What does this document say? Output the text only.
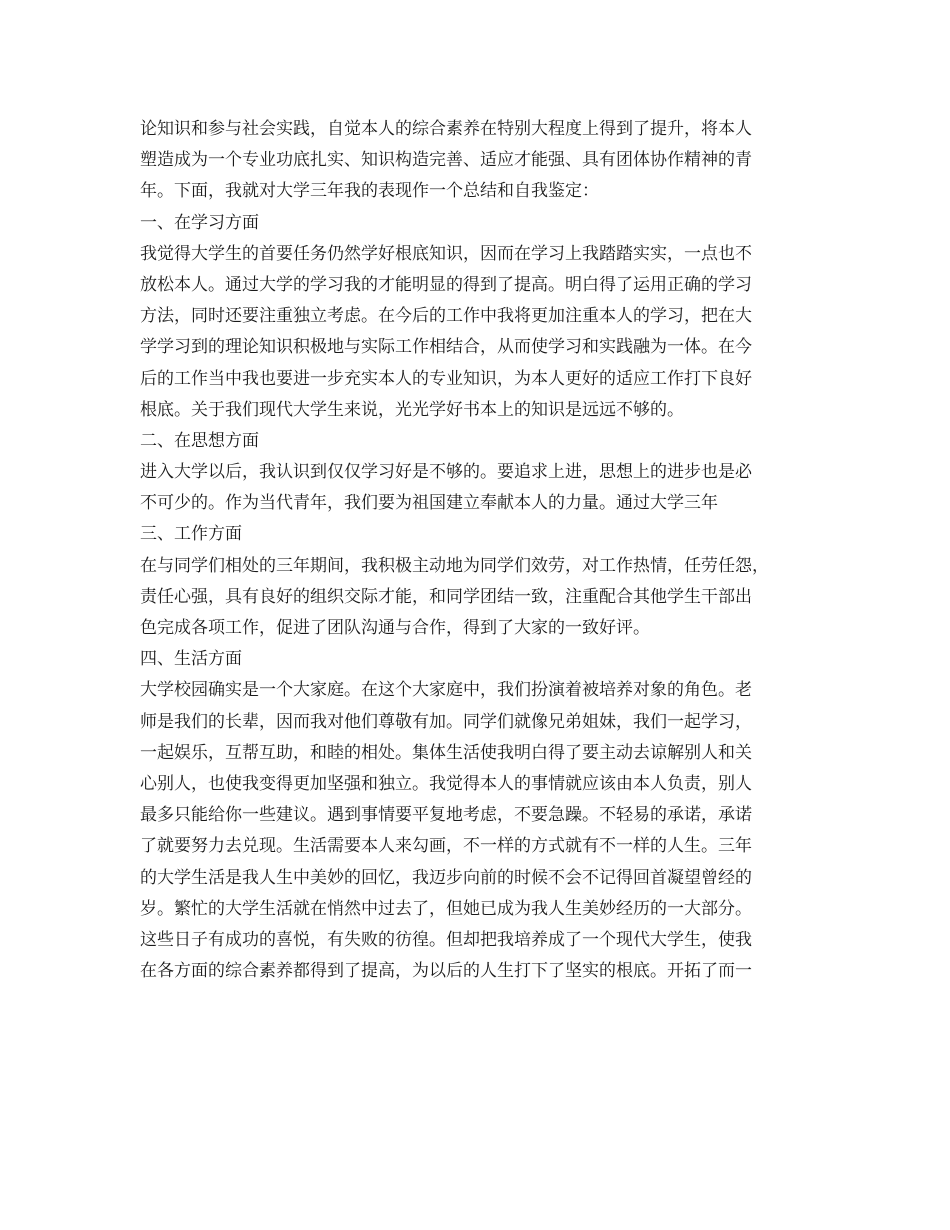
论知识和参与社会实践，自觉本人的综合素养在特别大程度上得到了提升，将本人
塑造成为一个专业功底扎实、知识构造完善、适应才能强、具有团体协作精神的青
年。下面，我就对大学三年我的表现作一个总结和自我鉴定：
一、在学习方面
我觉得大学生的首要任务仍然学好根底知识，因而在学习上我踏踏实实，一点也不
放松本人。通过大学的学习我的才能明显的得到了提高。明白得了运用正确的学习
方法，同时还要注重独立考虑。在今后的工作中我将更加注重本人的学习，把在大
学学习到的理论知识积极地与实际工作相结合，从而使学习和实践融为一体。在今
后的工作当中我也要进一步充实本人的专业知识，为本人更好的适应工作打下良好
根底。关于我们现代大学生来说，光光学好书本上的知识是远远不够的。
二、在思想方面
进入大学以后，我认识到仅仅学习好是不够的。要追求上进，思想上的进步也是必
不可少的。作为当代青年，我们要为祖国建立奉献本人的力量。通过大学三年
三、工作方面
在与同学们相处的三年期间，我积极主动地为同学们效劳，对工作热情，任劳任怨，
责任心强，具有良好的组织交际才能，和同学团结一致，注重配合其他学生干部出
色完成各项工作，促进了团队沟通与合作，得到了大家的一致好评。
四、生活方面
大学校园确实是一个大家庭。在这个大家庭中，我们扮演着被培养对象的角色。老
师是我们的长辈，因而我对他们尊敬有加。同学们就像兄弟姐妹，我们一起学习，
一起娱乐，互帮互助，和睦的相处。集体生活使我明白得了要主动去谅解别人和关
心别人，也使我变得更加坚强和独立。我觉得本人的事情就应该由本人负责，别人
最多只能给你一些建议。遇到事情要平复地考虑，不要急躁。不轻易的承诺，承诺
了就要努力去兑现。生活需要本人来勾画，不一样的方式就有不一样的人生。三年
的大学生活是我人生中美妙的回忆，我迈步向前的时候不会不记得回首凝望曾经的
岁。繁忙的大学生活就在悄然中过去了，但她已成为我人生美妙经历的一大部分。
这些日子有成功的喜悦，有失败的彷徨。但却把我培养成了一个现代大学生，使我
在各方面的综合素养都得到了提高，为以后的人生打下了坚实的根底。开拓了而一
